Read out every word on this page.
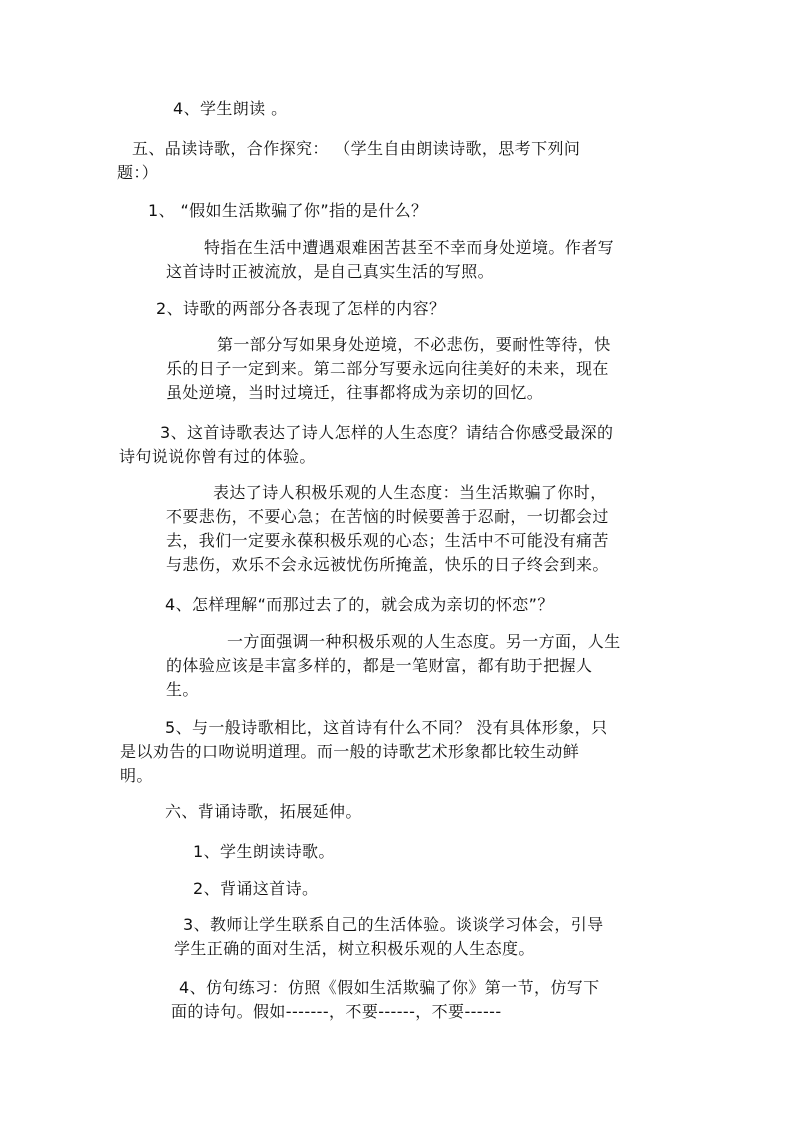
4、学生朗读 。
五、品读诗歌，合作探究： （学生自由朗读诗歌，思考下列问
题：）
1、 “假如生活欺骗了你”指的是什么？
特指在生活中遭遇艰难困苦甚至不幸而身处逆境。作者写
这首诗时正被流放，是自己真实生活的写照。
2、诗歌的两部分各表现了怎样的内容？
第一部分写如果身处逆境，不必悲伤，要耐性等待，快
乐的日子一定到来。第二部分写要永远向往美好的未来，现在
虽处逆境，当时过境迁，往事都将成为亲切的回忆。
3、这首诗歌表达了诗人怎样的人生态度？请结合你感受最深的
诗句说说你曾有过的体验。
表达了诗人积极乐观的人生态度：当生活欺骗了你时，
不要悲伤，不要心急；在苦恼的时候要善于忍耐，一切都会过
去，我们一定要永葆积极乐观的心态；生活中不可能没有痛苦
与悲伤，欢乐不会永远被忧伤所掩盖，快乐的日子终会到来。
4、怎样理解“而那过去了的，就会成为亲切的怀恋”？
一方面强调一种积极乐观的人生态度。另一方面，人生
的体验应该是丰富多样的，都是一笔财富，都有助于把握人
生。
5、与一般诗歌相比，这首诗有什么不同？ 没有具体形象，只
是以劝告的口吻说明道理。而一般的诗歌艺术形象都比较生动鲜
明。
六、背诵诗歌，拓展延伸。
1、学生朗读诗歌。
2、背诵这首诗。
3、教师让学生联系自己的生活体验。谈谈学习体会，引导
学生正确的面对生活，树立积极乐观的人生态度。
4、仿句练习：仿照《假如生活欺骗了你》第一节，仿写下
面的诗句。假如-------，不要------，不要------
